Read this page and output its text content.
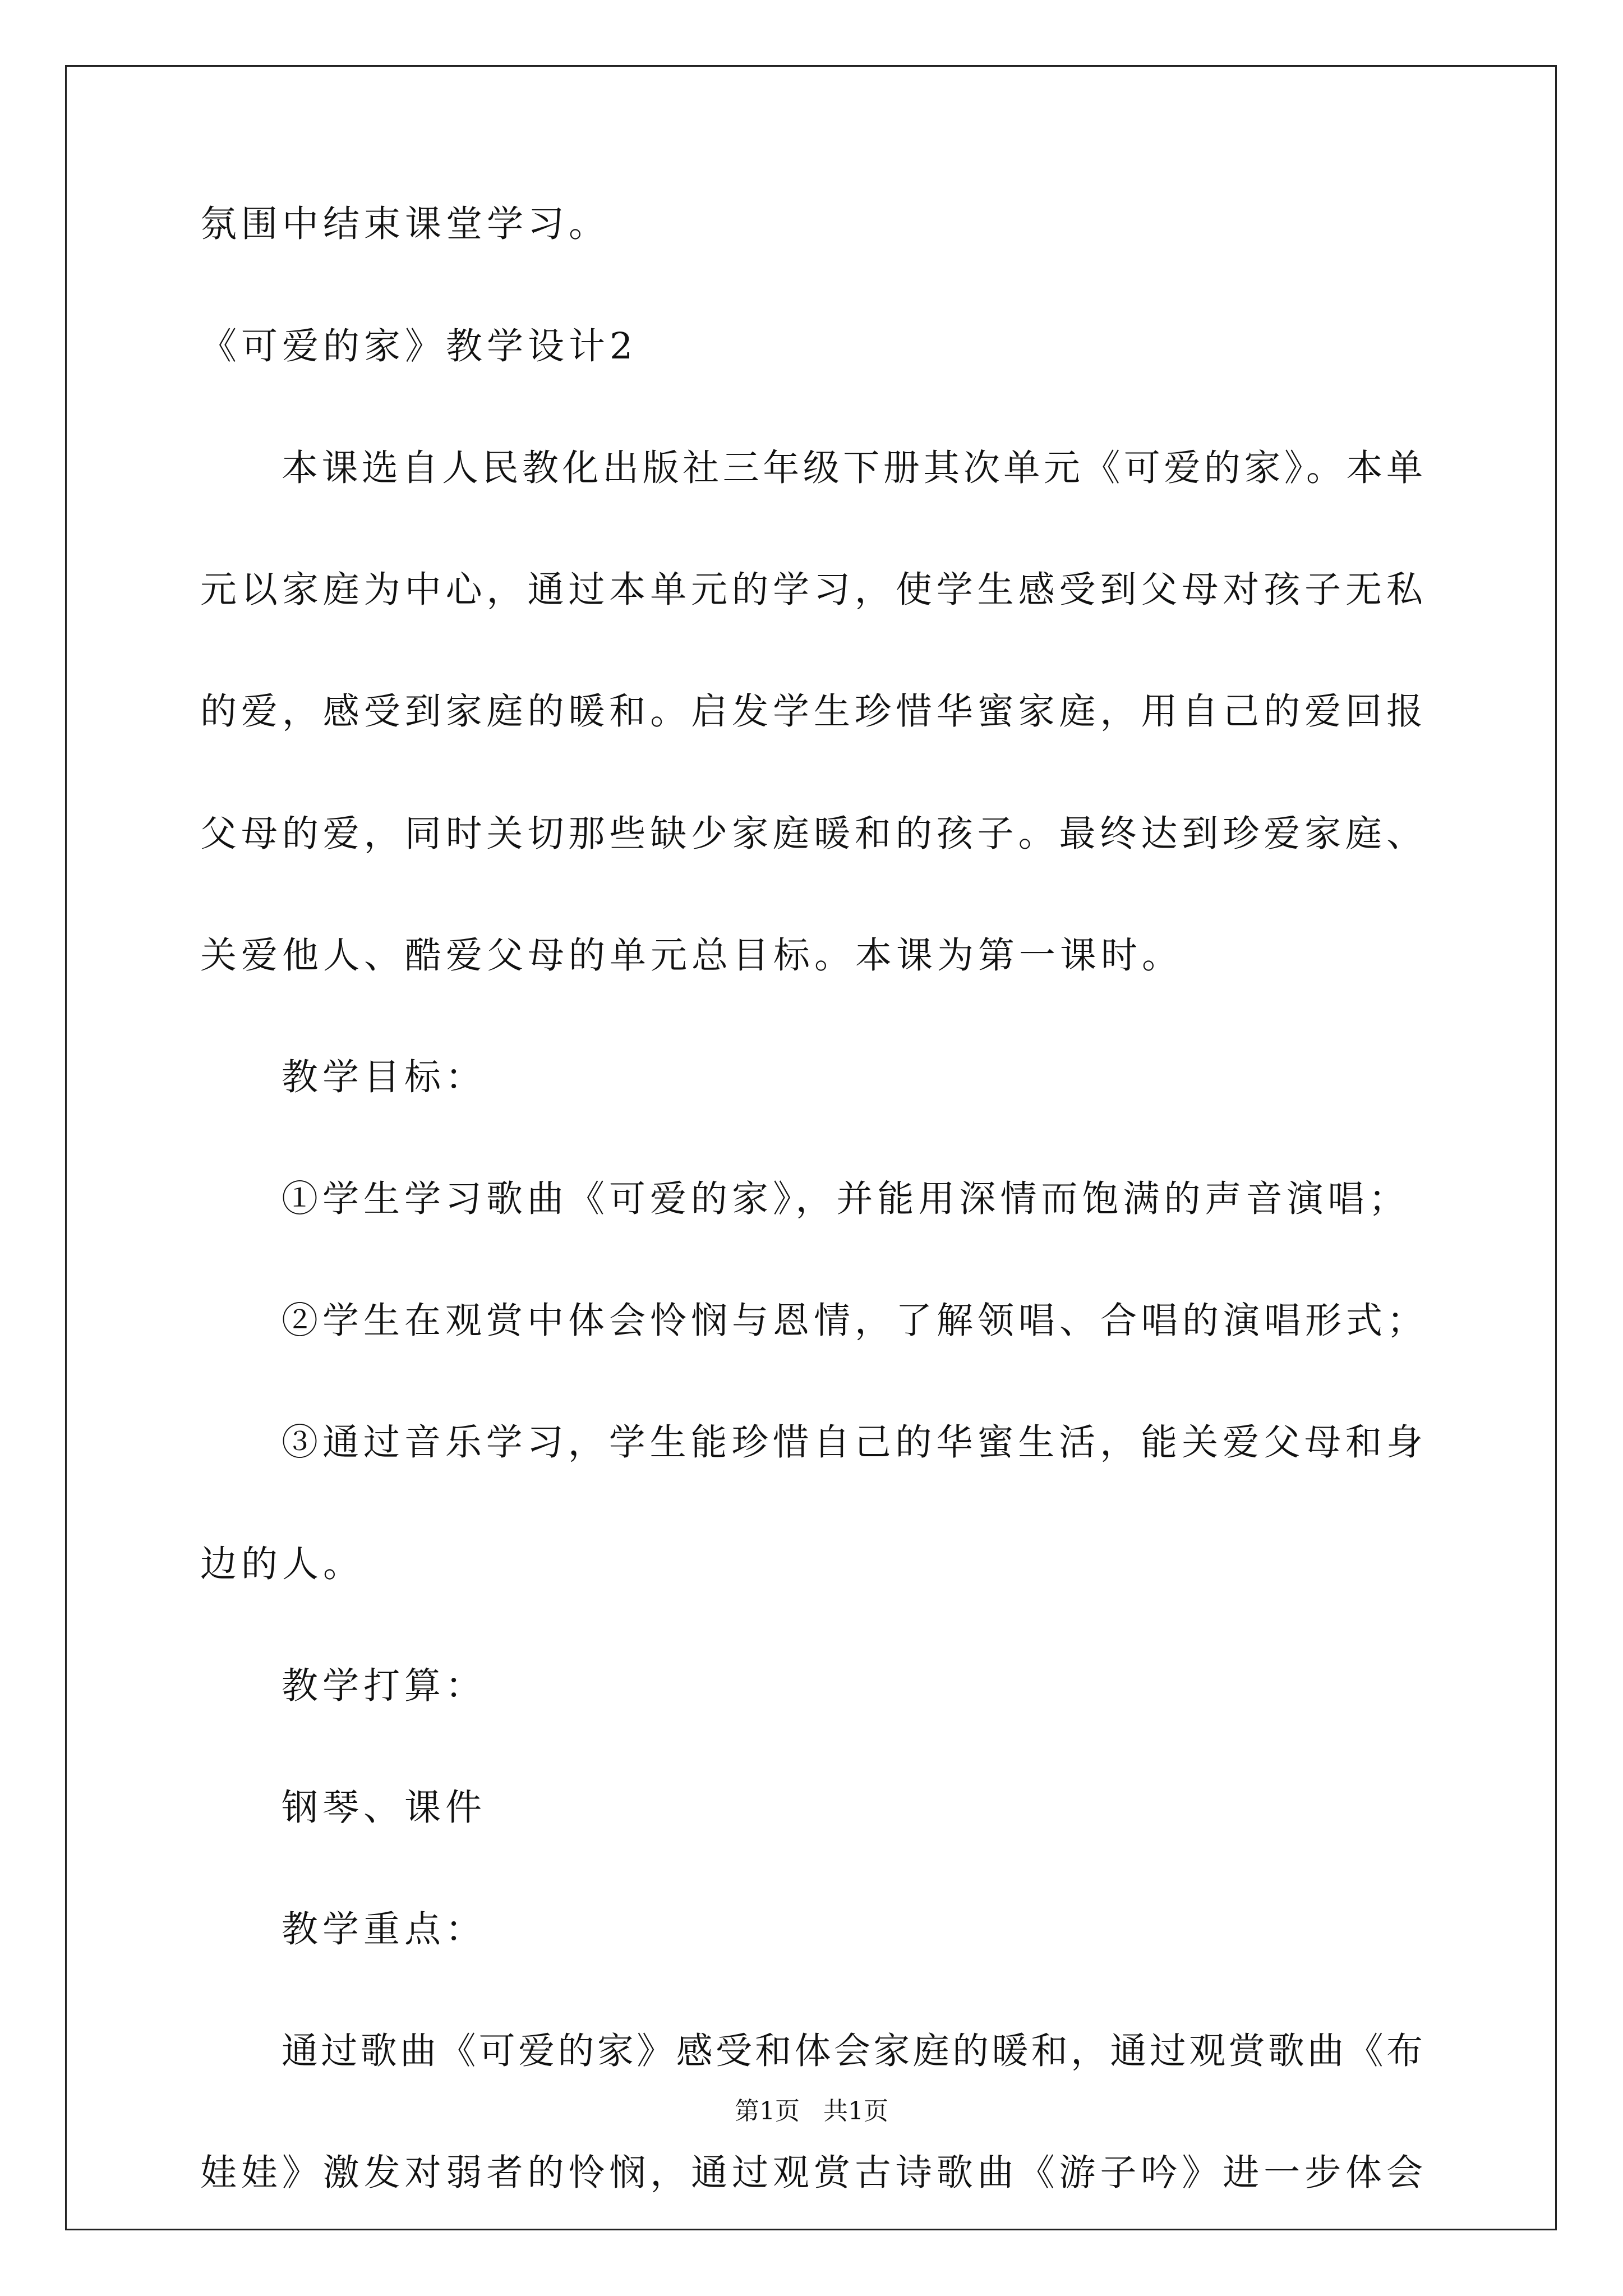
氛围中结束课堂学习。
《可爱的家》教学设计2
本课选自人民教化出版社三年级下册其次单元《可爱的家》。本单
元以家庭为中心，通过本单元的学习，使学生感受到父母对孩子无私
的爱，感受到家庭的暖和。启发学生珍惜华蜜家庭，用自己的爱回报
父母的爱，同时关切那些缺少家庭暖和的孩子。最终达到珍爱家庭、
关爱他人、酷爱父母的单元总目标。本课为第一课时。
教学目标：
①学生学习歌曲《可爱的家》，并能用深情而饱满的声音演唱；
②学生在观赏中体会怜悯与恩情，了解领唱、合唱的演唱形式；
③通过音乐学习，学生能珍惜自己的华蜜生活，能关爱父母和身
边的人。
教学打算：
钢琴、课件
教学重点：
通过歌曲《可爱的家》感受和体会家庭的暖和，通过观赏歌曲《布
娃娃》激发对弱者的怜悯，通过观赏古诗歌曲《游子吟》进一步体会
第1页   共1页
